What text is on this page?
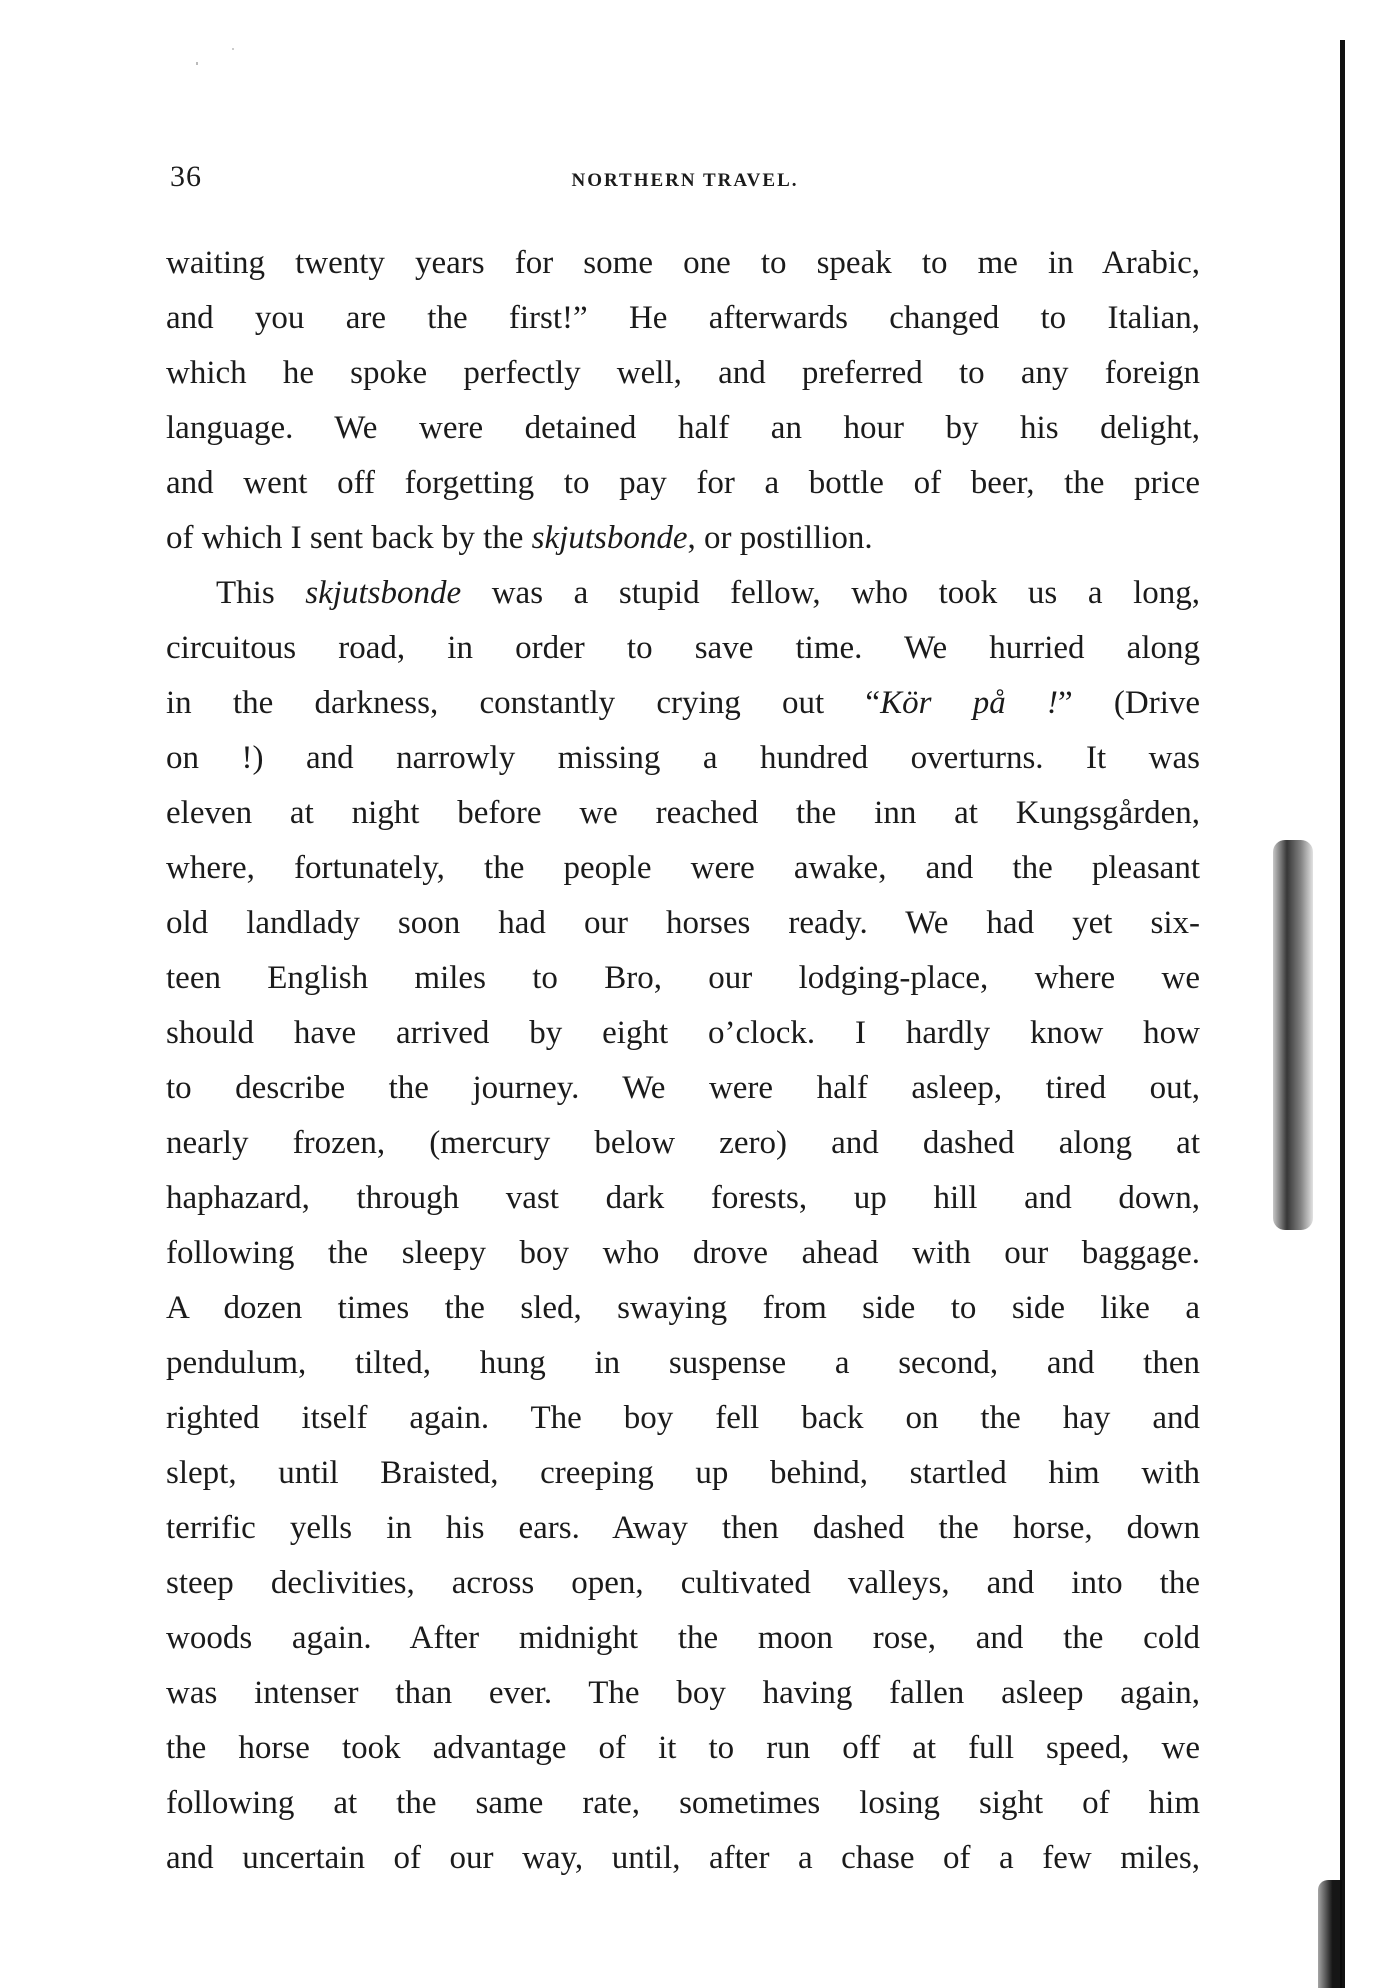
36	NORTHERN TRAVEL.
waiting twenty years for some one to speak to me in Arabic,
and you are the first!” He afterwards changed to Italian,
which he spoke perfectly well, and preferred to any foreign
language. We were detained half an hour by his delight,
and went off forgetting to pay for a bottle of beer, the price
of which I sent back by the skjutsbonde, or postillion.
This skjutsbonde was a stupid fellow, who took us a long,
circuitous road, in order to save time. We hurried along
in the darkness, constantly crying out “Kör på !” (Drive
on !) and narrowly missing a hundred overturns. It was
eleven at night before we reached the inn at Kungsgården,
where, fortunately, the people were awake, and the pleasant
old landlady soon had our horses ready. We had yet six-
teen English miles to Bro, our lodging-place, where we
should have arrived by eight o’clock. I hardly know how
to describe the journey. We were half asleep, tired out,
nearly frozen, (mercury below zero) and dashed along at
haphazard, through vast dark forests, up hill and down,
following the sleepy boy who drove ahead with our baggage.
A dozen times the sled, swaying from side to side like a
pendulum, tilted, hung in suspense a second, and then
righted itself again. The boy fell back on the hay and
slept, until Braisted, creeping up behind, startled him with
terrific yells in his ears. Away then dashed the horse, down
steep declivities, across open, cultivated valleys, and into the
woods again. After midnight the moon rose, and the cold
was intenser than ever. The boy having fallen asleep again,
the horse took advantage of it to run off at full speed, we
following at the same rate, sometimes losing sight of him
and uncertain of our way, until, after a chase of a few miles,
